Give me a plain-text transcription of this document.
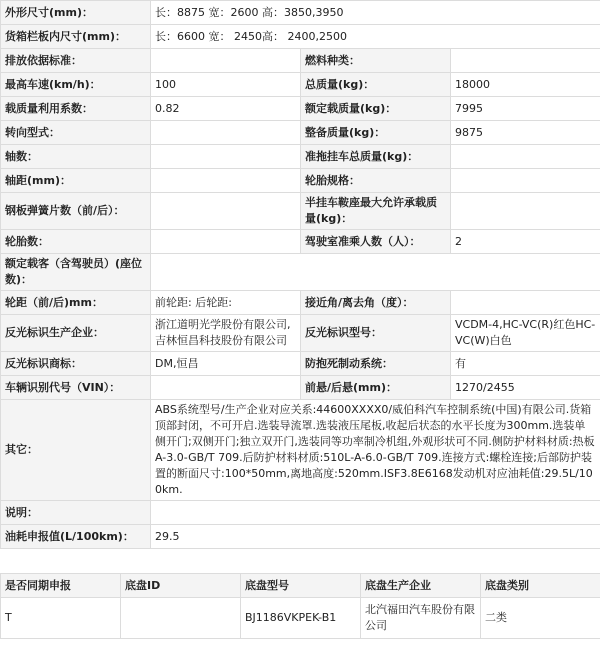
外形尺寸(mm)：	长：8875 宽：2600 高：3850,3950		
货箱栏板内尺寸(mm)：	长：6600 宽： 2450高： 2400,2500		
排放依据标准：		燃料种类：	
最高车速(km/h)：	100	总质量(kg)：	18000
载质量利用系数：	0.82	额定载质量(kg)：	7995
转向型式：		整备质量(kg)：	9875
轴数：		准拖挂车总质量(kg)：	
轴距(mm)：		轮胎规格：	
钢板弹簧片数（前/后）：		半挂车鞍座最大允许承载质量(kg)：	
轮胎数：		驾驶室准乘人数（人）：	2
额定载客（含驾驶员）(座位数)：			
轮距（前/后)mm：	前轮距: 后轮距:	接近角/离去角（度）：	
反光标识生产企业：	浙江道明光学股份有限公司,吉林恒昌科技股份有限公司	反光标识型号：	VCDM-4,HC-VC(R)红色HC-VC(W)白色
反光标识商标：	DM,恒昌	防抱死制动系统：	有
车辆识别代号（VIN）：		前悬/后悬(mm)：	1270/2455
其它：	ABS系统型号/生产企业对应关系:44600XXXX0/威伯科汽车控制系统(中国)有限公司.货箱顶部封闭，不可开启.选装导流罩.选装液压尾板,收起后状态的水平长度为300mm.选装单侧开门;双侧开门;独立双开门,选装同等功率制冷机组,外观形状可不同.侧防护材料材质:热板A-3.0-GB/T 709.后防护材料材质:510L-A-6.0-GB/T 709.连接方式:螺栓连接;后部防护装置的断面尺寸:100*50mm,离地高度:520mm.ISF3.8E6168发动机对应油耗值:29.5L/100km.		
说明：			
油耗申报值(L/100km)：	29.5		
是否同期申报	底盘ID	底盘型号	底盘生产企业	底盘类别
T		BJ1186VKPEK-B1	北汽福田汽车股份有限公司	二类
